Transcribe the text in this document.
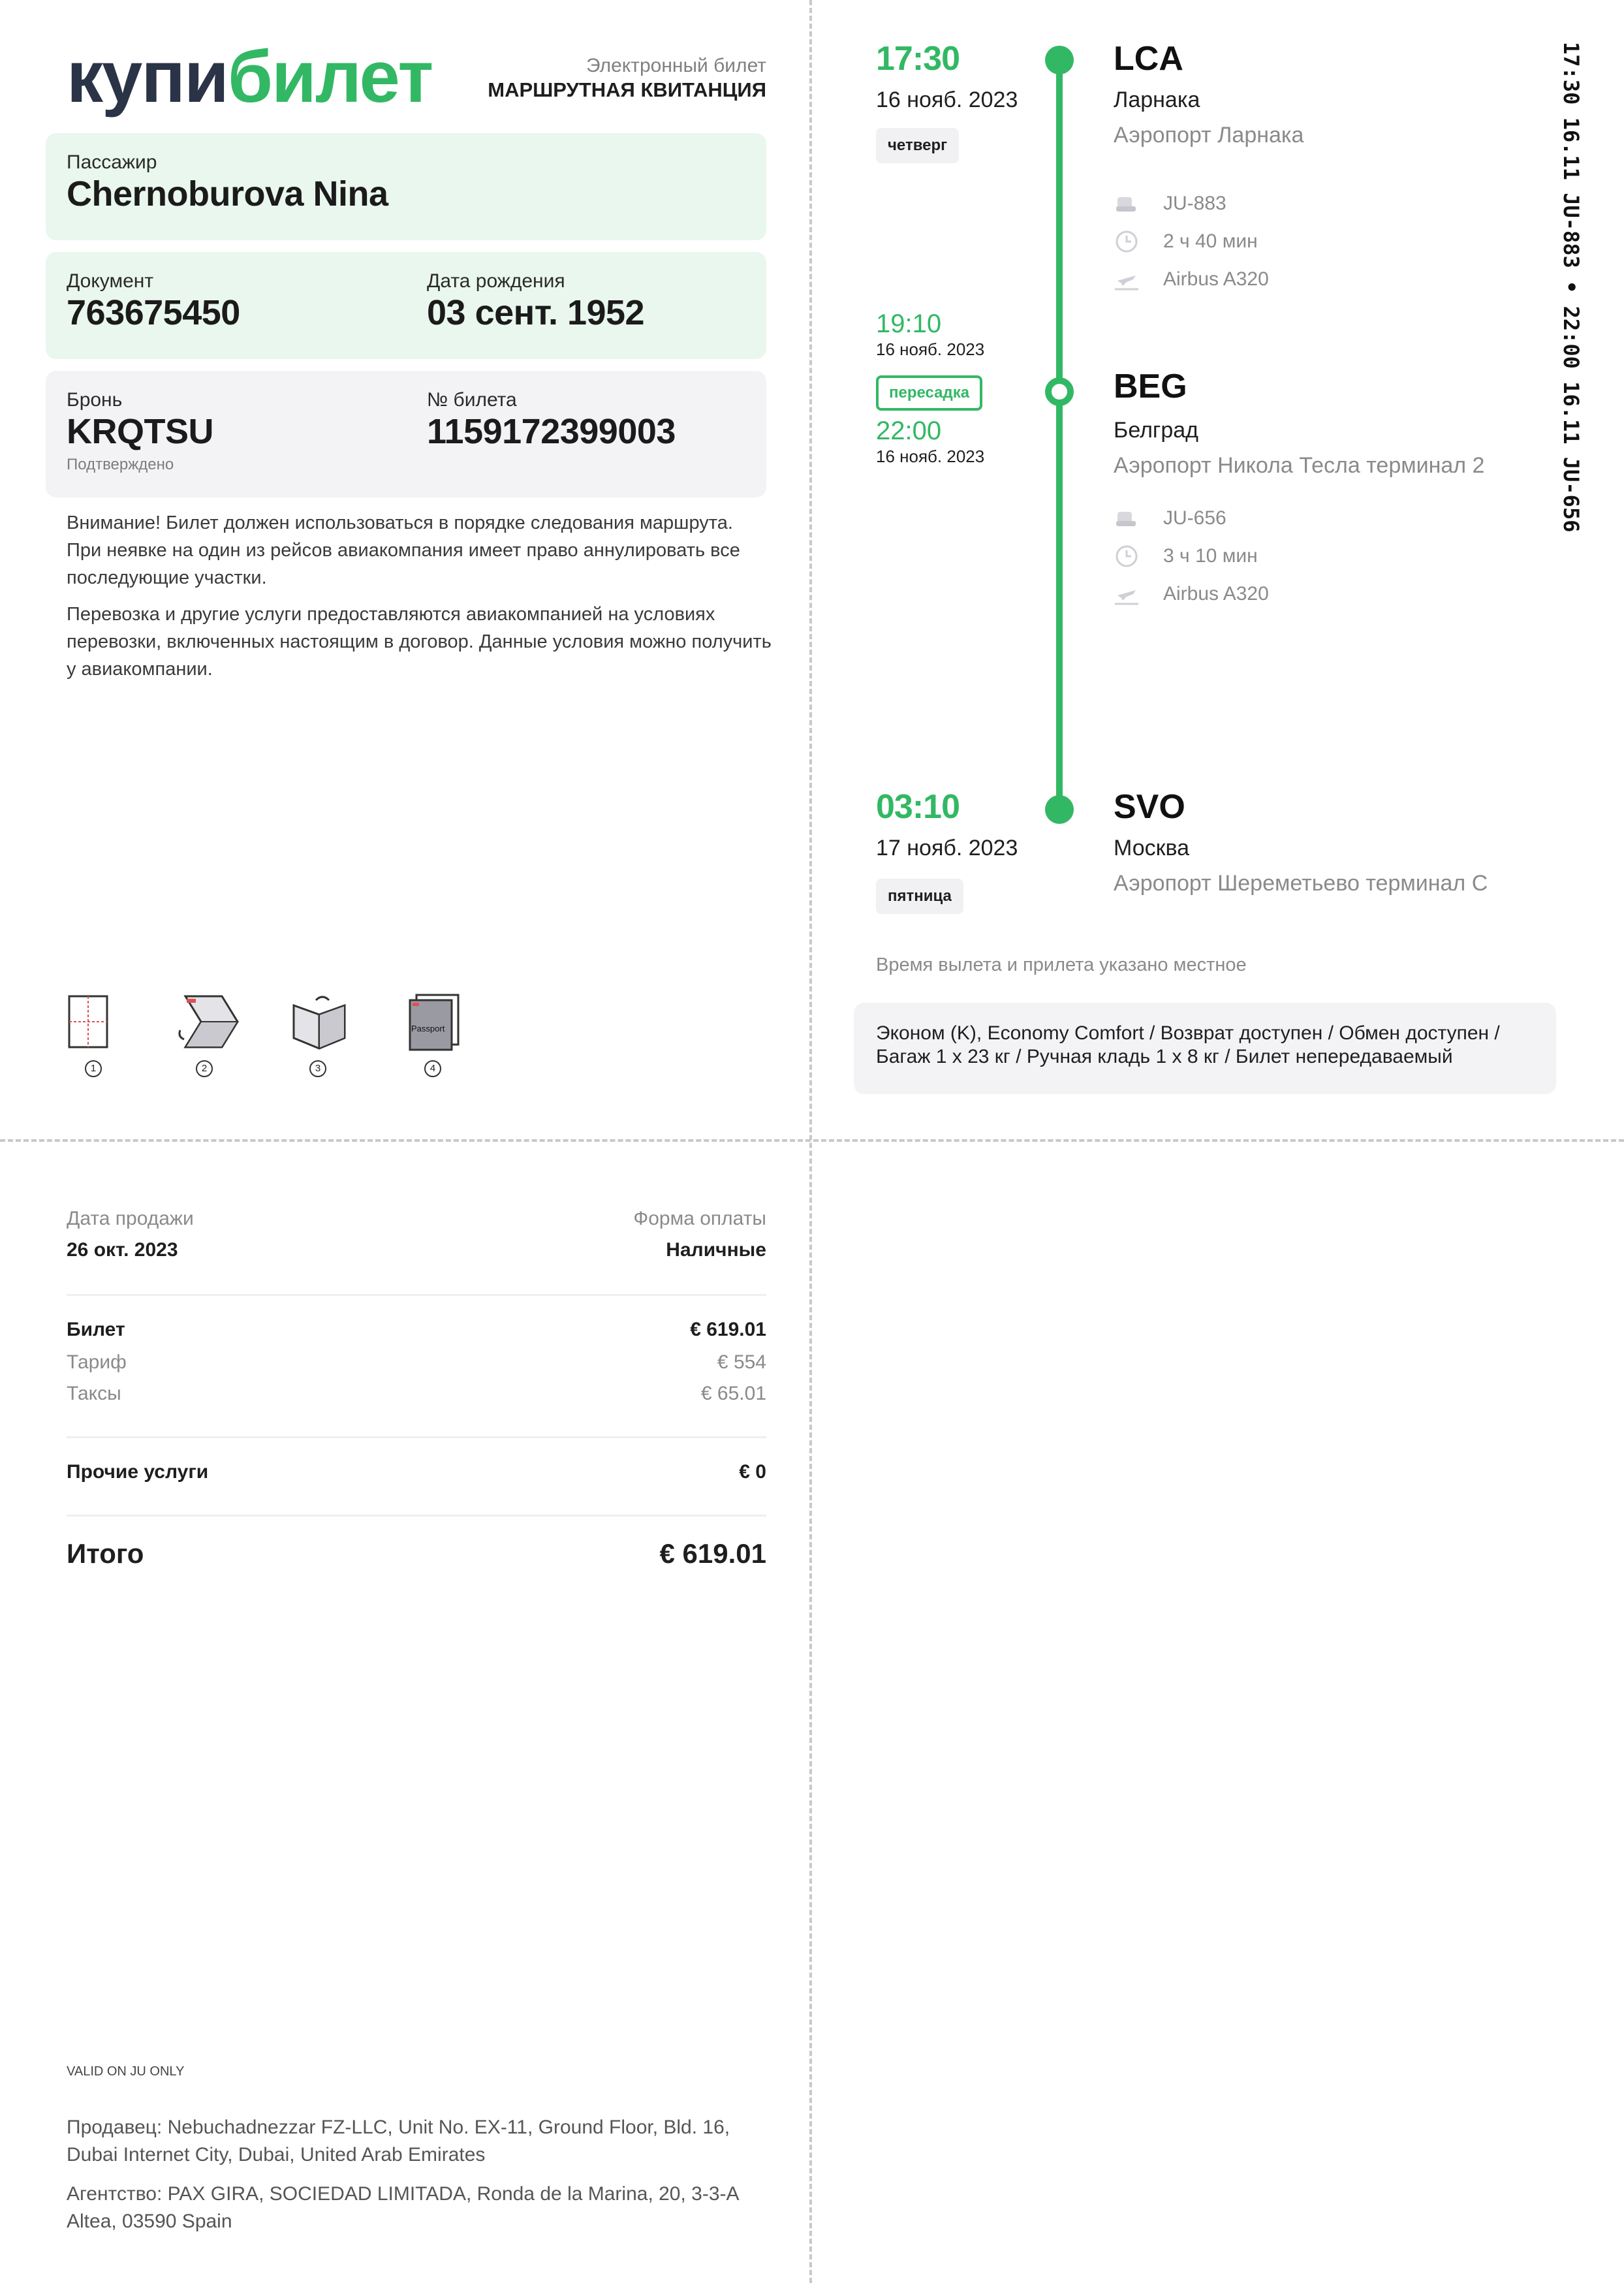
купибилет	Электронный билет
МАРШРУТНАЯ КВИТАНЦИЯ
Пассажир
Chernoburova Nina
Документ
763675450
Дата рождения
03 сент. 1952
Бронь
KRQTSU
Подтверждено
№ билета
1159172399003
Внимание! Билет должен использоваться в порядке следования маршрута. При неявке на один из рейсов авиакомпания имеет право аннулировать все последующие участки.
Перевозка и другие услуги предоставляются авиакомпанией на условиях перевозки, включенных настоящим в договор. Данные условия можно получить у авиакомпании.
1	2	3
Passport
4
17:30
16 нояб. 2023
четверг
LCA
Ларнака
Аэропорт Ларнака
JU-883
2 ч 40 мин
Airbus A320
19:10
16 нояб. 2023
пересадка
22:00
16 нояб. 2023
BEG
Белград
Аэропорт Никола Тесла терминал 2
JU-656
3 ч 10 мин
Airbus A320
03:10
17 нояб. 2023
пятница
SVO
Москва
Аэропорт Шереметьево терминал C
17:30 16.11 JU-883 • 22:00 16.11 JU-656
Время вылета и прилета указано местное
Эконом (K), Economy Comfort / Возврат доступен / Обмен доступен /
Багаж 1 x 23 кг / Ручная кладь 1 x 8 кг / Билет непередаваемый
Дата продажи
26 окт. 2023
Форма оплаты
Наличные
Билет	€ 619.01
Тариф	€ 554
Таксы	€ 65.01
Прочие услуги	€ 0
Итого	€ 619.01
VALID ON JU ONLY
Продавец: Nebuchadnezzar FZ-LLC, Unit No. EX-11, Ground Floor, Bld. 16, Dubai Internet City, Dubai, United Arab Emirates
Агентство: PAX GIRA, SOCIEDAD LIMITADA, Ronda de la Marina, 20, 3-3-A Altea, 03590 Spain
